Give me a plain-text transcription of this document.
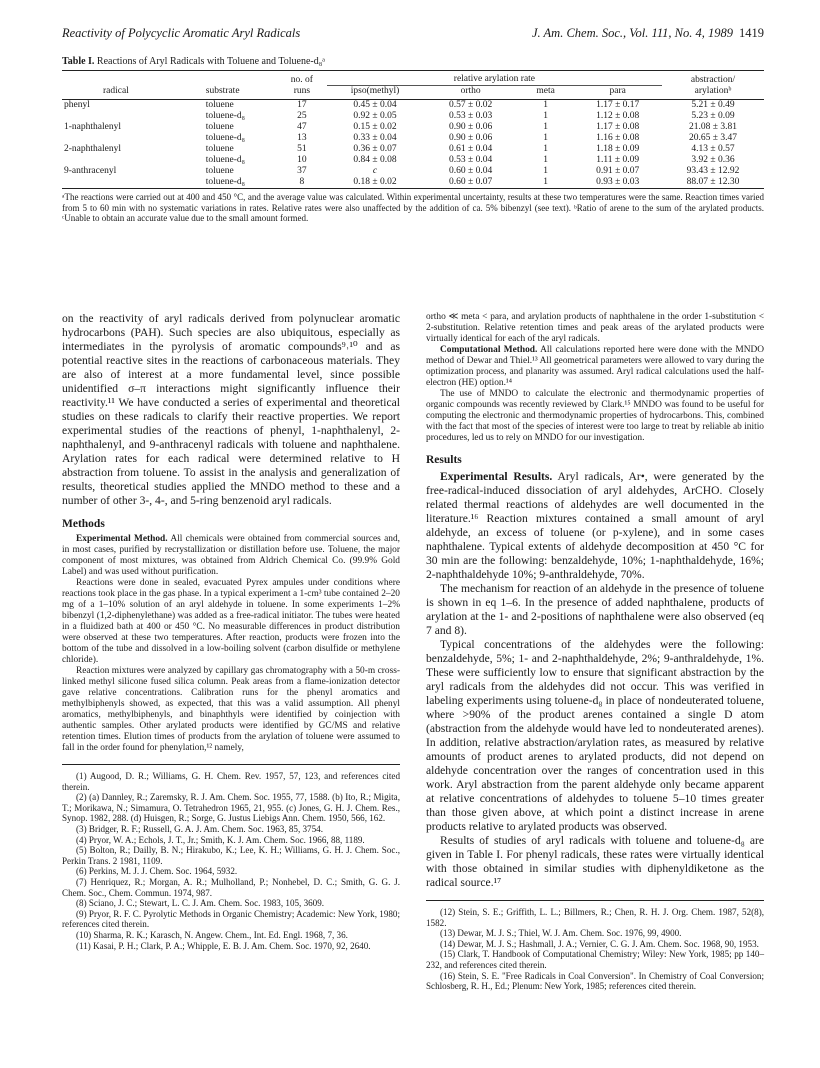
Reactivity of Polycyclic Aromatic Aryl Radicals	J. Am. Chem. Soc., Vol. 111, No. 4, 1989 1419
Table I. Reactions of Aryl Radicals with Toluene and Toluene-d₈ᵃ
		no. of	relative arylation rate				abstraction/
radical	substrate	runs	ipso(methyl)	ortho	meta	para	arylationᵇ
phenyl	toluene	17	0.45 ± 0.04	0.57 ± 0.02	1	1.17 ± 0.17	5.21 ± 0.49
	toluene-d₈	25	0.92 ± 0.05	0.53 ± 0.03	1	1.12 ± 0.08	5.23 ± 0.09
1-naphthalenyl	toluene	47	0.15 ± 0.02	0.90 ± 0.06	1	1.17 ± 0.08	21.08 ± 3.81
	toluene-d₈	13	0.33 ± 0.04	0.90 ± 0.06	1	1.16 ± 0.08	20.65 ± 3.47
2-naphthalenyl	toluene	51	0.36 ± 0.07	0.61 ± 0.04	1	1.18 ± 0.09	4.13 ± 0.57
	toluene-d₈	10	0.84 ± 0.08	0.53 ± 0.04	1	1.11 ± 0.09	3.92 ± 0.36
9-anthracenyl	toluene	37	c	0.60 ± 0.04	1	0.91 ± 0.07	93.43 ± 12.92
	toluene-d₈	8	0.18 ± 0.02	0.60 ± 0.07	1	0.93 ± 0.03	88.07 ± 12.30
ᵃThe reactions were carried out at 400 and 450 °C, and the average value was calculated. Within experimental uncertainty, results at these two temperatures were the same. Reaction times varied from 5 to 60 min with no systematic variations in rates. Relative rates were also unaffected by the addition of ca. 5% bibenzyl (see text). ᵇRatio of arene to the sum of the arylated products. ᶜUnable to obtain an accurate value due to the small amount formed.

on the reactivity of aryl radicals derived from polynuclear aromatic hydrocarbons (PAH). Such species are also ubiquitous, especially as intermediates in the pyrolysis of aromatic compounds⁹˒¹⁰ and as potential reactive sites in the reactions of carbonaceous materials. They are also of interest at a more fundamental level, since possible unidentified σ–π interactions might significantly influence their reactivity.¹¹ We have conducted a series of experimental and theoretical studies on these radicals to clarify their reactive properties. We report experimental studies of the reactions of phenyl, 1-naphthalenyl, 2-naphthalenyl, and 9-anthracenyl radicals with toluene and naphthalene. Arylation rates for each radical were determined relative to H abstraction from toluene. To assist in the analysis and generalization of results, theoretical studies applied the MNDO method to these and a number of other 3-, 4-, and 5-ring benzenoid aryl radicals.

Methods

Experimental Method. All chemicals were obtained from commercial sources and, in most cases, purified by recrystallization or distillation before use. Toluene, the major component of most mixtures, was obtained from Aldrich Chemical Co. (99.9% Gold Label) and was used without purification.

Reactions were done in sealed, evacuated Pyrex ampules under conditions where reactions took place in the gas phase. In a typical experiment a 1-cm³ tube contained 2–20 mg of a 1–10% solution of an aryl aldehyde in toluene. In some experiments 1–2% bibenzyl (1,2-diphenylethane) was added as a free-radical initiator. The tubes were heated in a fluidized bath at 400 or 450 °C. No measurable differences in product distribution were observed at these two temperatures. After reaction, products were frozen into the bottom of the tube and dissolved in a low-boiling solvent (carbon disulfide or methylene chloride).

Reaction mixtures were analyzed by capillary gas chromatography with a 50-m cross-linked methyl silicone fused silica column. Peak areas from a flame-ionization detector gave relative concentrations. Calibration runs for the phenyl aromatics and methylbiphenyls showed, as expected, that this was a valid assumption. All phenyl aromatics, methylbiphenyls, and binaphthyls were identified by coinjection with authentic samples. Other arylated products were identified by GC/MS and relative retention times. Elution times of products from the arylation of toluene were assumed to fall in the order found for phenylation,¹² namely,

(1) Augood, D. R.; Williams, G. H. Chem. Rev. 1957, 57, 123, and references cited therein.

(2) (a) Dannley, R.; Zaremsky, R. J. Am. Chem. Soc. 1955, 77, 1588. (b) Ito, R.; Migita, T.; Morikawa, N.; Simamura, O. Tetrahedron 1965, 21, 955. (c) Jones, G. H. J. Chem. Res., Synop. 1982, 288. (d) Huisgen, R.; Sorge, G. Justus Liebigs Ann. Chem. 1950, 566, 162.

(3) Bridger, R. F.; Russell, G. A. J. Am. Chem. Soc. 1963, 85, 3754.

(4) Pryor, W. A.; Echols, J. T., Jr.; Smith, K. J. Am. Chem. Soc. 1966, 88, 1189.

(5) Bolton, R.; Dailly, B. N.; Hirakubo, K.; Lee, K. H.; Williams, G. H. J. Chem. Soc., Perkin Trans. 2 1981, 1109.

(6) Perkins, M. J. J. Chem. Soc. 1964, 5932.

(7) Henriquez, R.; Morgan, A. R.; Mulholland, P.; Nonhebel, D. C.; Smith, G. G. J. Chem. Soc., Chem. Commun. 1974, 987.

(8) Sciano, J. C.; Stewart, L. C. J. Am. Chem. Soc. 1983, 105, 3609.

(9) Pryor, R. F. C. Pyrolytic Methods in Organic Chemistry; Academic: New York, 1980; references cited therein.

(10) Sharma, R. K.; Karasch, N. Angew. Chem., Int. Ed. Engl. 1968, 7, 36.

(11) Kasai, P. H.; Clark, P. A.; Whipple, E. B. J. Am. Chem. Soc. 1970, 92, 2640.

ortho ≪ meta < para, and arylation products of naphthalene in the order 1-substitution < 2-substitution. Relative retention times and peak areas of the arylated products were virtually identical for each of the aryl radicals.

Computational Method. All calculations reported here were done with the MNDO method of Dewar and Thiel.¹³ All geometrical parameters were allowed to vary during the optimization process, and planarity was assumed. Aryl radical calculations used the half-electron (HE) option.¹⁴

The use of MNDO to calculate the electronic and thermodynamic properties of organic compounds was recently reviewed by Clark.¹⁵ MNDO was found to be useful for computing the electronic and thermodynamic properties of hydrocarbons. This, combined with the fact that most of the species of interest were too large to treat by reliable ab initio procedures, led us to rely on MNDO for our investigation.

Results

Experimental Results. Aryl radicals, Ar•, were generated by the free-radical-induced dissociation of aryl aldehydes, ArCHO. Closely related thermal reactions of aldehydes are well documented in the literature.¹⁶ Reaction mixtures contained a small amount of aryl aldehyde, an excess of toluene (or p-xylene), and in some cases naphthalene. Typical extents of aldehyde decomposition at 450 °C for 30 min are the following: benzaldehyde, 10%; 1-naphthaldehyde, 16%; 2-naphthaldehyde 10%; 9-anthraldehyde, 70%.

The mechanism for reaction of an aldehyde in the presence of toluene is shown in eq 1–6. In the presence of added naphthalene, products of arylation at the 1- and 2-positions of naphthalene were also observed (eq 7 and 8).

Typical concentrations of the aldehydes were the following: benzaldehyde, 5%; 1- and 2-naphthaldehyde, 2%; 9-anthraldehyde, 1%. These were sufficiently low to ensure that significant abstraction by the aryl radicals from the aldehydes did not occur. This was verified in labeling experiments using toluene-d₈ in place of nondeuterated toluene, where >90% of the product arenes contained a single D atom (abstraction from the aldehyde would have led to nondeuterated arenes). In addition, relative abstraction/arylation rates, as measured by relative amounts of product arenes to arylated products, did not depend on aldehyde concentration over the ranges of concentration used in this work. Aryl abstraction from the parent aldehyde only became apparent at relative concentrations of aldehydes to toluene 5–10 times greater than those given above, at which point a distinct increase in arene products relative to arylated products was observed.

Results of studies of aryl radicals with toluene and toluene-d₈ are given in Table I. For phenyl radicals, these rates were virtually identical with those obtained in similar studies with diphenyldiketone as the radical source.¹⁷

(12) Stein, S. E.; Griffith, L. L.; Billmers, R.; Chen, R. H. J. Org. Chem. 1987, 52(8), 1582.

(13) Dewar, M. J. S.; Thiel, W. J. Am. Chem. Soc. 1976, 99, 4900.

(14) Dewar, M. J. S.; Hashmall, J. A.; Vernier, C. G. J. Am. Chem. Soc. 1968, 90, 1953.

(15) Clark, T. Handbook of Computational Chemistry; Wiley: New York, 1985; pp 140–232, and references cited therein.

(16) Stein, S. E. "Free Radicals in Coal Conversion". In Chemistry of Coal Conversion; Schlosberg, R. H., Ed.; Plenum: New York, 1985; references cited therein.
